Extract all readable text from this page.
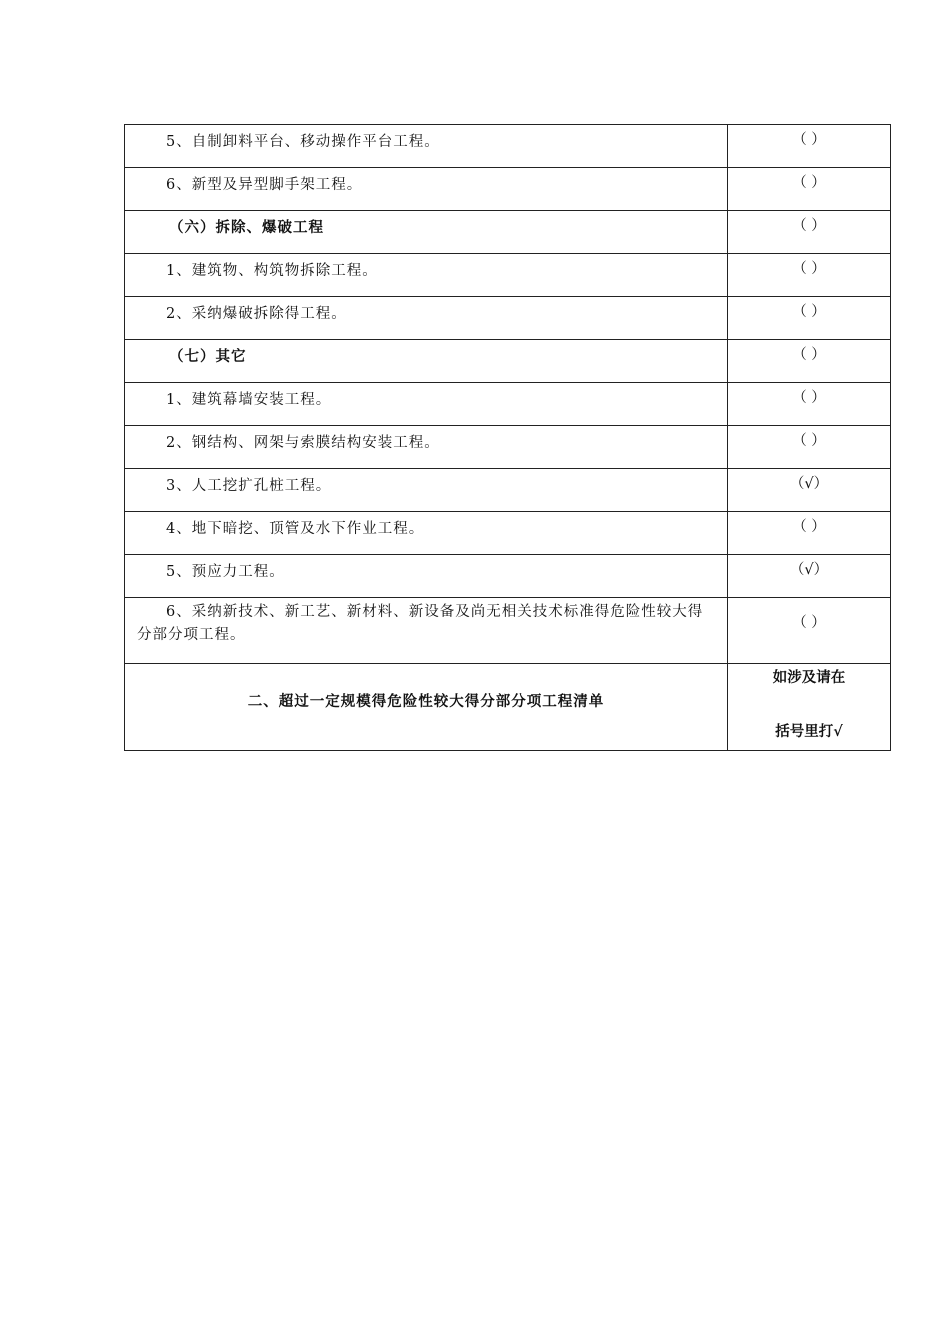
5、自制卸料平台、移动操作平台工程。	（ ）

6、新型及异型脚手架工程。	（ ）

（六）拆除、爆破工程	（ ）

1、建筑物、构筑物拆除工程。	（ ）

2、采纳爆破拆除得工程。	（ ）

（七）其它	（ ）

1、建筑幕墙安装工程。	（ ）

2、钢结构、网架与索膜结构安装工程。	（ ）

3、人工挖扩孔桩工程。	（√）

4、地下暗挖、顶管及水下作业工程。	（ ）

5、预应力工程。	（√）

6、采纳新技术、新工艺、新材料、新设备及尚无相关技术标准得危险性较大得分部分项工程。	（ ）

二、超过一定规模得危险性较大得分部分项工程清单	如涉及请在
括号里打√
